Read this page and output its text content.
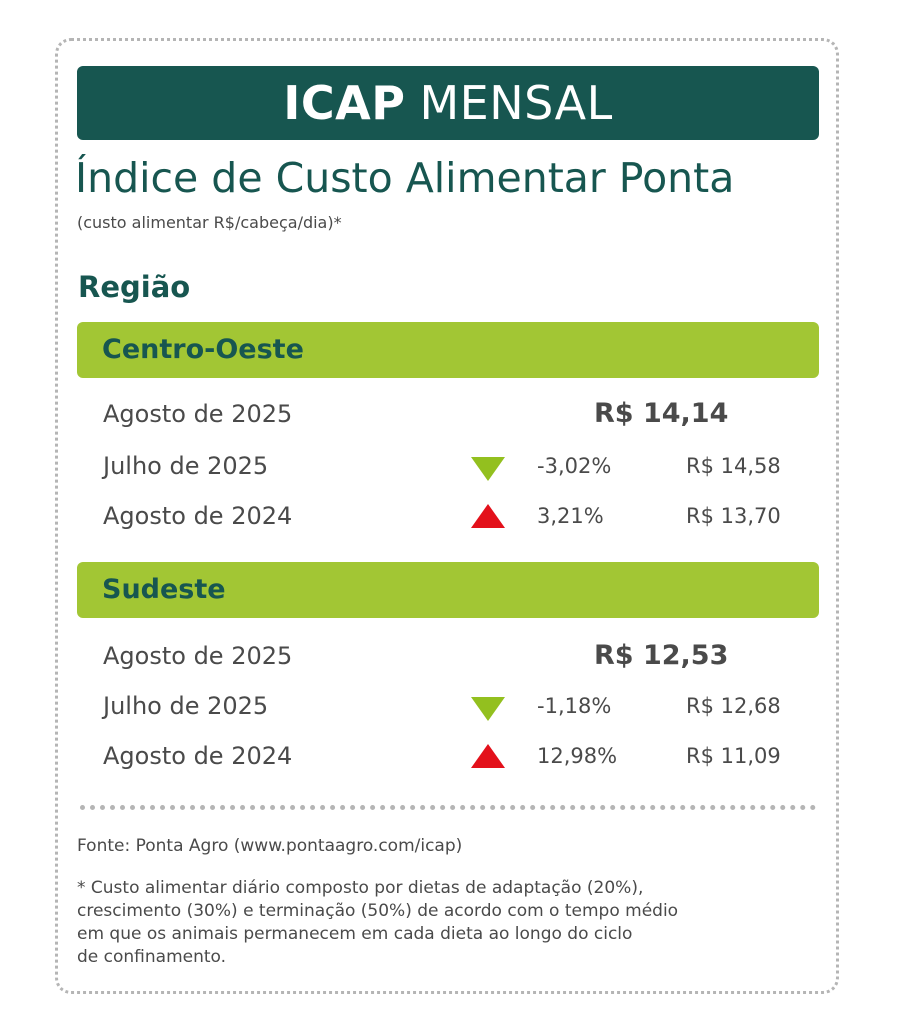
ICAP MENSAL
Índice de Custo Alimentar Ponta
(custo alimentar R$/cabeça/dia)*
Região
Centro-Oeste
Agosto de 2025	R$ 14,14
Julho de 2025	-3,02%	R$ 14,58
Agosto de 2024	3,21%	R$ 13,70
Sudeste
Agosto de 2025	R$ 12,53
Julho de 2025	-1,18%	R$ 12,68
Agosto de 2024	12,98%	R$ 11,09
Fonte: Ponta Agro (www.pontaagro.com/icap)
* Custo alimentar diário composto por dietas de adaptação (20%),
crescimento (30%) e terminação (50%) de acordo com o tempo médio
em que os animais permanecem em cada dieta ao longo do ciclo
de confinamento.
